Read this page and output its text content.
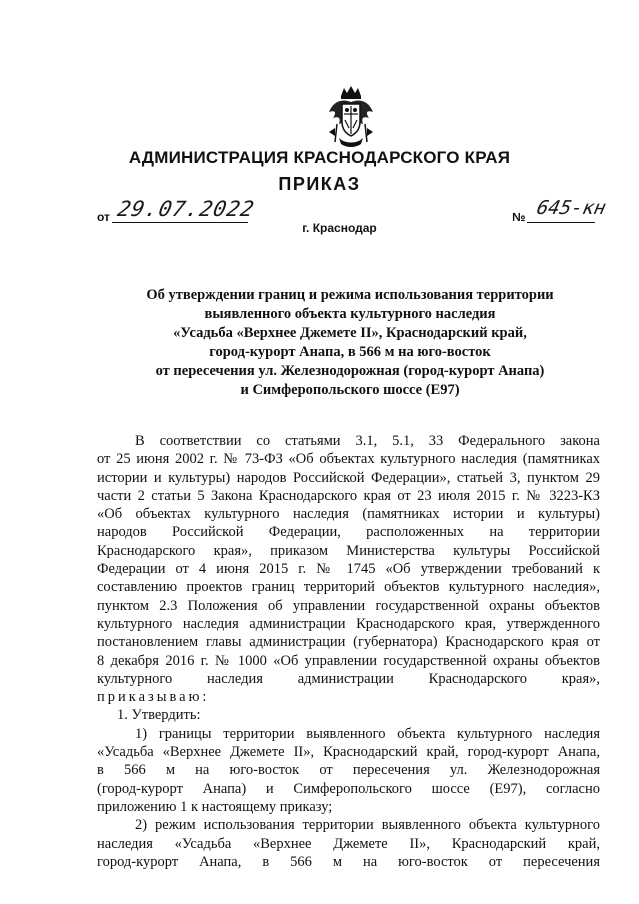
АДМИНИСТРАЦИЯ КРАСНОДАРСКОГО КРАЯ
ПРИКАЗ
от 29.07.2022	№ 645-кн
г. Краснодар
Об утверждении границ и режима использования территории
выявленного объекта культурного наследия
«Усадьба «Верхнее Джемете II», Краснодарский край,
город-курорт Анапа, в 566 м на юго-восток
от пересечения ул. Железнодорожная (город-курорт Анапа)
и Симферопольского шоссе (Е97)
В соответствии со статьями 3.1, 5.1, 33 Федерального закона
от 25 июня 2002 г. № 73-ФЗ «Об объектах культурного наследия (памятниках
истории и культуры) народов Российской Федерации», статьей 3, пунктом 29
части 2 статьи 5 Закона Краснодарского края от 23 июля 2015 г. № 3223-КЗ
«Об объектах культурного наследия (памятниках истории и культуры)
народов Российской Федерации, расположенных на территории
Краснодарского края», приказом Министерства культуры Российской
Федерации от 4 июня 2015 г. № 1745 «Об утверждении требований к
составлению проектов границ территорий объектов культурного наследия»,
пунктом 2.3 Положения об управлении государственной охраны объектов
культурного наследия администрации Краснодарского края, утвержденного
постановлением главы администрации (губернатора) Краснодарского края от
8 декабря 2016 г. № 1000 «Об управлении государственной охраны объектов
культурного наследия администрации Краснодарского края»,
приказываю:
1. Утвердить:
1) границы территории выявленного объекта культурного наследия
«Усадьба «Верхнее Джемете II», Краснодарский край, город-курорт Анапа,
в 566 м на юго-восток от пересечения ул. Железнодорожная
(город-курорт Анапа) и Симферопольского шоссе (Е97), согласно
приложению 1 к настоящему приказу;
2) режим использования территории выявленного объекта культурного
наследия «Усадьба «Верхнее Джемете II», Краснодарский край,
город-курорт Анапа, в 566 м на юго-восток от пересечения
